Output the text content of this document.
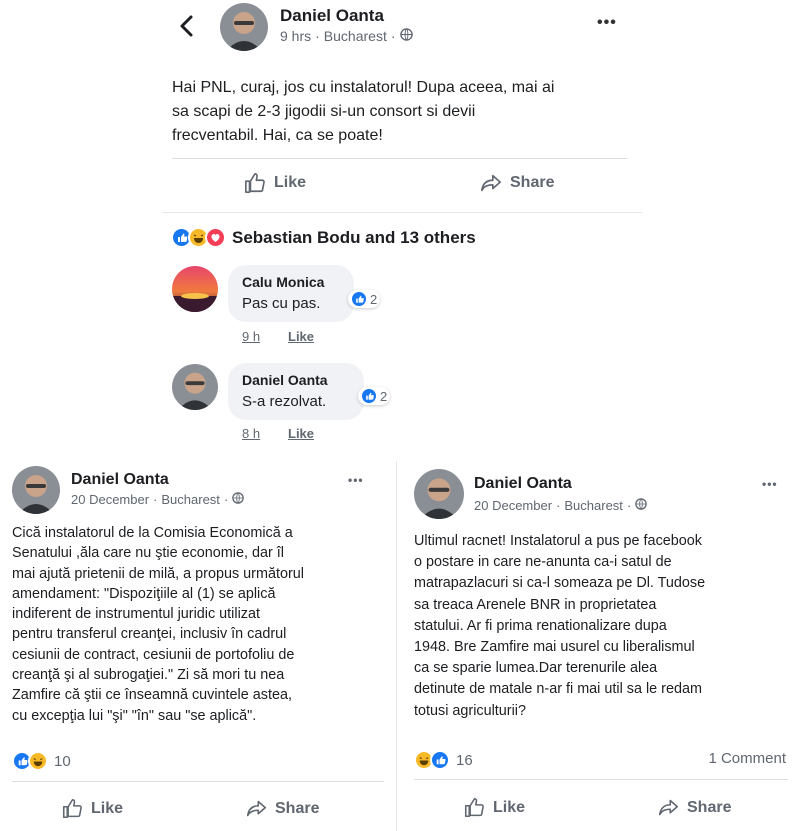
Daniel Oanta
9 hrs · Bucharest ·
•••
Hai PNL, curaj, jos cu instalatorul! Dupa aceea, mai ai
sa scapi de 2-3 jigodii si-un consort si devii
frecventabil. Hai, ca se poate!
Like	Share
Sebastian Bodu and 13 others
Calu Monica
Pas cu pas.	2
9 h Like
Daniel Oanta
S-a rezolvat.	2
8 h Like
Daniel Oanta
20 December · Bucharest ·
•••
Cică instalatorul de la Comisia Economică a
Senatului ,ăla care nu ştie economie, dar îl
mai ajută prietenii de milă, a propus următorul
amendament: "Dispoziţiile al (1) se aplică
indiferent de instrumentul juridic utilizat
pentru transferul creanţei, inclusiv în cadrul
cesiunii de contract, cesiunii de portofoliu de
creanţă şi al subrogaţiei." Zi să mori tu nea
Zamfire că ştii ce înseamnă cuvintele astea,
cu excepţia lui "şi" "în" sau "se aplică".
10
Like	Share
Daniel Oanta
20 December · Bucharest ·
•••
Ultimul racnet! Instalatorul a pus pe facebook
o postare in care ne-anunta ca-i satul de
matrapazlacuri si ca-l someaza pe Dl. Tudose
sa treaca Arenele BNR in proprietatea
statului. Ar fi prima renationalizare dupa
1948. Bre Zamfire mai usurel cu liberalismul
ca se sparie lumea.Dar terenurile alea
detinute de matale n-ar fi mai util sa le redam
totusi agriculturii?
16	1 Comment
Like	Share
